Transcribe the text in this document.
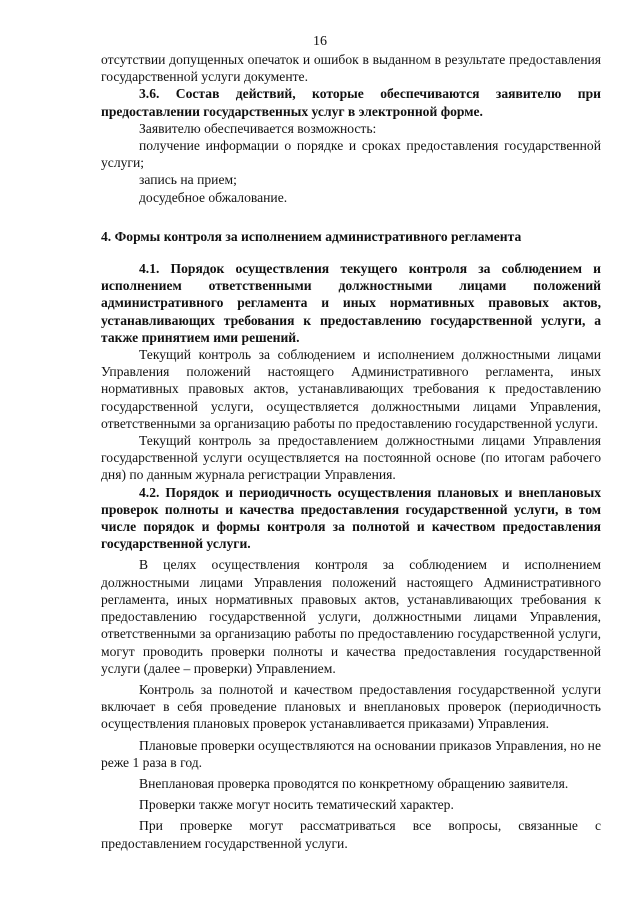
16

отсутствии допущенных опечаток и ошибок в выданном в результате предоставления государственной услуги документе.

3.6. Состав действий, которые обеспечиваются заявителю при предоставлении государственных услуг в электронной форме.

Заявителю обеспечивается возможность:

получение информации о порядке и сроках предоставления государственной услуги;

запись на прием;

досудебное обжалование.

4. Формы контроля за исполнением административного регламента

4.1. Порядок осуществления текущего контроля за соблюдением и исполнением ответственными должностными лицами положений административного регламента и иных нормативных правовых актов, устанавливающих требования к предоставлению государственной услуги, а также принятием ими решений.

Текущий контроль за соблюдением и исполнением должностными лицами Управления положений настоящего Административного регламента, иных нормативных правовых актов, устанавливающих требования к предоставлению государственной услуги, осуществляется должностными лицами Управления, ответственными за организацию работы по предоставлению государственной услуги.

Текущий контроль за предоставлением должностными лицами Управления государственной услуги осуществляется на постоянной основе (по итогам рабочего дня) по данным журнала регистрации Управления.

4.2. Порядок и периодичность осуществления плановых и внеплановых проверок полноты и качества предоставления государственной услуги, в том числе порядок и формы контроля за полнотой и качеством предоставления государственной услуги.

В целях осуществления контроля за соблюдением и исполнением должностными лицами Управления положений настоящего Административного регламента, иных нормативных правовых актов, устанавливающих требования к предоставлению государственной услуги, должностными лицами Управления, ответственными за организацию работы по предоставлению государственной услуги, могут проводить проверки полноты и качества предоставления государственной услуги (далее – проверки) Управлением.

Контроль за полнотой и качеством предоставления государственной услуги включает в себя проведение плановых и внеплановых проверок (периодичность осуществления плановых проверок устанавливается приказами) Управления.

Плановые проверки осуществляются на основании приказов Управления, но не реже 1 раза в год.

Внеплановая проверка проводятся по конкретному обращению заявителя.

Проверки также могут носить тематический характер.

При проверке могут рассматриваться все вопросы, связанные с предоставлением государственной услуги.
